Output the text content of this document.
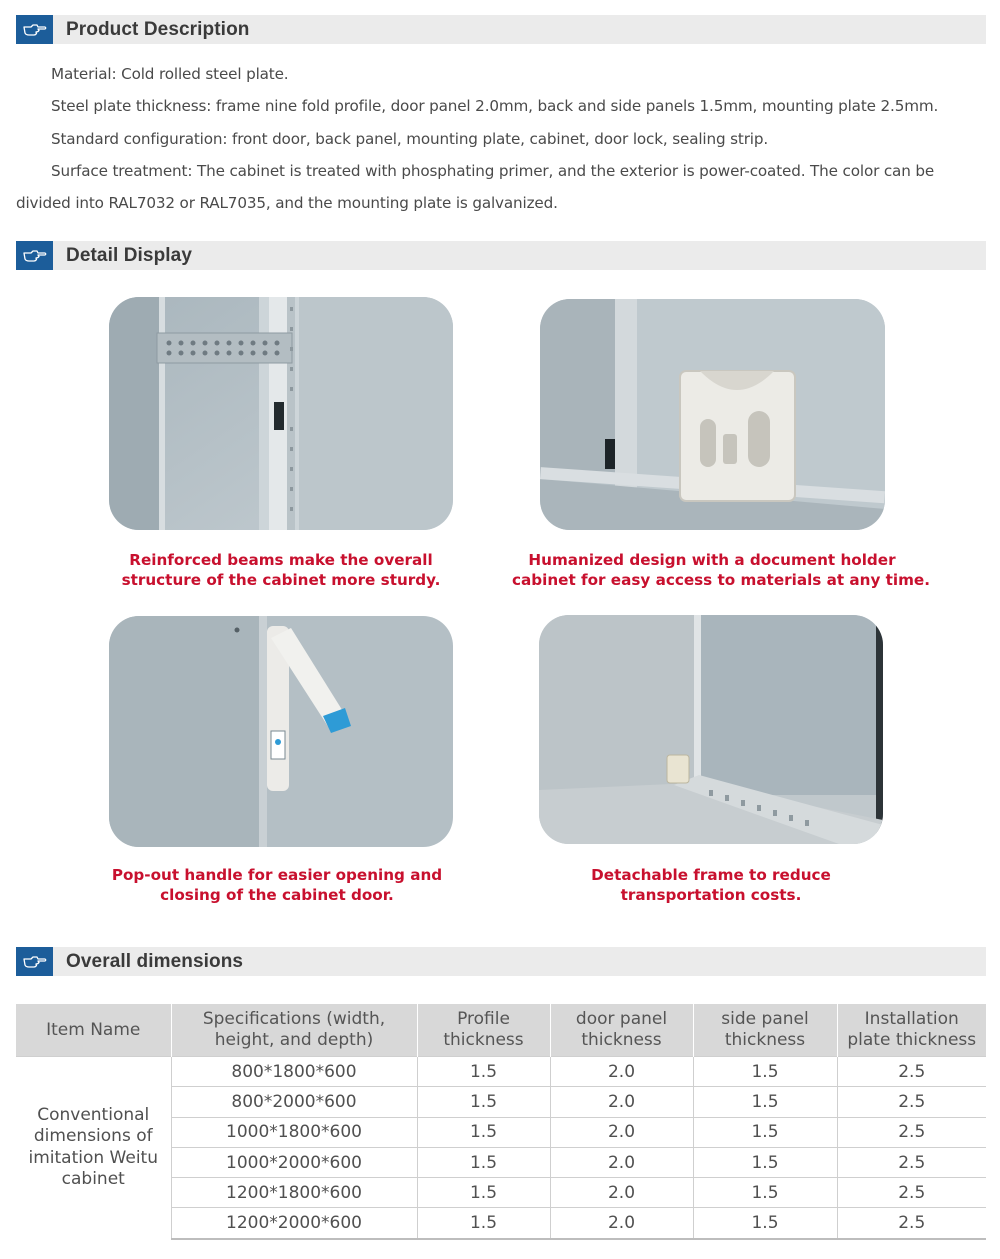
Product Description

Material: Cold rolled steel plate.

Steel plate thickness: frame nine fold profile, door panel 2.0mm, back and side panels 1.5mm, mounting plate 2.5mm.

Standard configuration: front door, back panel, mounting plate, cabinet, door lock, sealing strip.

Surface treatment: The cabinet is treated with phosphating primer, and the exterior is power-coated. The color can be divided into RAL7032 or RAL7035, and the mounting plate is galvanized.

Detail Display
Reinforced beams make the overall
structure of the cabinet more sturdy.
Humanized design with a document holder
cabinet for easy access to materials at any time.
Pop-out handle for easier opening and
closing of the cabinet door.
Detachable frame to reduce
transportation costs.
Overall dimensions
Item Name	Specifications (width, height, and depth)	Profile thickness	door panel thickness	side panel thickness	Installation plate thickness
Conventional dimensions of imitation Weitu cabinet	800*1800*600	1.5	2.0	1.5	2.5
	800*2000*600	1.5	2.0	1.5	2.5
	1000*1800*600	1.5	2.0	1.5	2.5
	1000*2000*600	1.5	2.0	1.5	2.5
	1200*1800*600	1.5	2.0	1.5	2.5
	1200*2000*600	1.5	2.0	1.5	2.5
